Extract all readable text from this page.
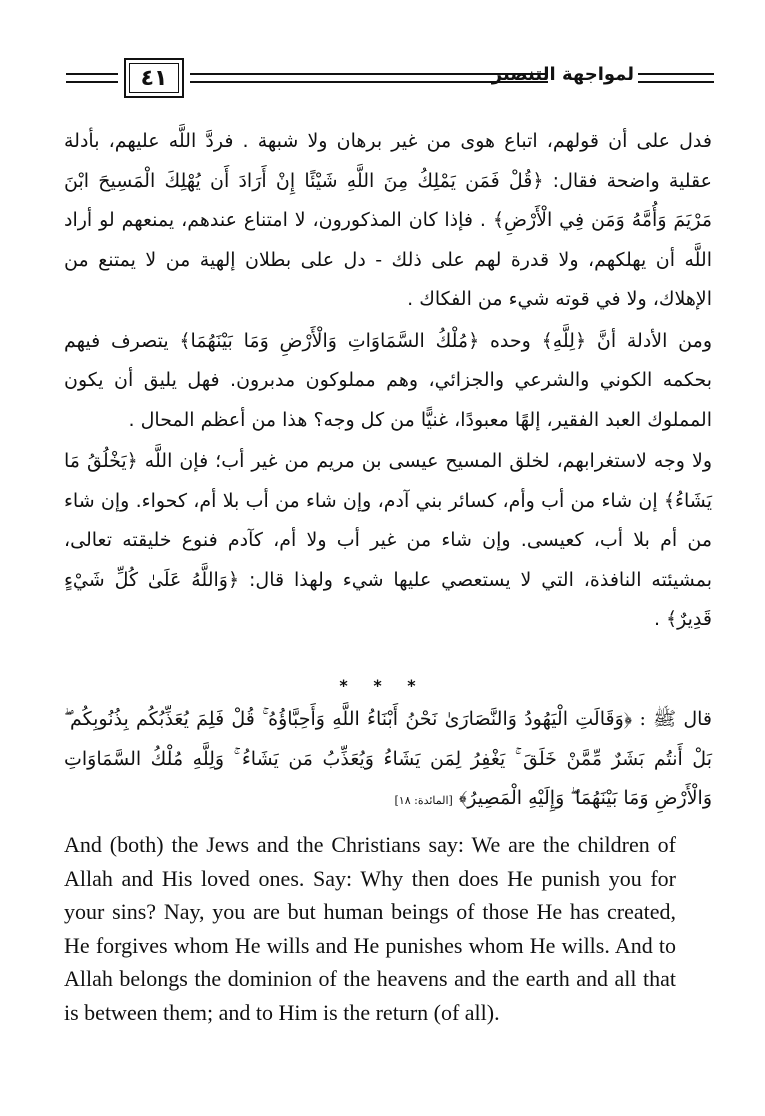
٤١	لمواجهة التنصير

فدل على أن قولهم، اتباع هوى من غير برهان ولا شبهة . فردَّ اللَّه عليهم، بأدلة عقلية واضحة فقال: ﴿قُلْ فَمَن يَمْلِكُ مِنَ اللَّهِ شَيْئًا إِنْ أَرَادَ أَن يُهْلِكَ الْمَسِيحَ ابْنَ مَرْيَمَ وَأُمَّهُ وَمَن فِي الْأَرْضِ﴾ . فإذا كان المذكورون، لا امتناع عندهم، يمنعهم لو أراد اللَّه أن يهلكهم، ولا قدرة لهم على ذلك - دل على بطلان إلهية من لا يمتنع من الإهلاك، ولا في قوته شيء من الفكاك .

ومن الأدلة أنَّ ﴿لِلَّهِ﴾ وحده ﴿مُلْكُ السَّمَاوَاتِ وَالْأَرْضِ وَمَا بَيْنَهُمَا﴾ يتصرف فيهم بحكمه الكوني والشرعي والجزائي، وهم مملوكون مدبرون. فهل يليق أن يكون المملوك العبد الفقير، إلهًا معبودًا، غنيًّا من كل وجه؟ هذا من أعظم المحال .

ولا وجه لاستغرابهم، لخلق المسيح عيسى بن مريم من غير أب؛ فإن اللَّه ﴿يَخْلُقُ مَا يَشَاءُ﴾ إن شاء من أب وأم، كسائر بني آدم، وإن شاء من أب بلا أم، كحواء. وإن شاء من أم بلا أب، كعيسى. وإن شاء من غير أب ولا أم، كآدم فنوع خليقته تعالى، بمشيئته النافذة، التي لا يستعصي عليها شيء ولهذا قال: ﴿وَاللَّهُ عَلَىٰ كُلِّ شَيْءٍ قَدِيرٌ﴾ .

* * *

قال ﷺ : ﴿وَقَالَتِ الْيَهُودُ وَالنَّصَارَىٰ نَحْنُ أَبْنَاءُ اللَّهِ وَأَحِبَّاؤُهُ ۚ قُلْ فَلِمَ يُعَذِّبُكُم بِذُنُوبِكُم ۖ بَلْ أَنتُم بَشَرٌ مِّمَّنْ خَلَقَ ۚ يَغْفِرُ لِمَن يَشَاءُ وَيُعَذِّبُ مَن يَشَاءُ ۚ وَلِلَّهِ مُلْكُ السَّمَاوَاتِ وَالْأَرْضِ وَمَا بَيْنَهُمَا ۖ وَإِلَيْهِ الْمَصِيرُ﴾ [المائدة: ١٨]

And (both) the Jews and the Christians say: We are the children of
Allah and His loved ones. Say: Why then does He punish you for
your sins? Nay, you are but human beings of those He has created,
He forgives whom He wills and He punishes whom He wills. And to
Allah belongs the dominion of the heavens and the earth and all that
is between them; and to Him is the return (of all).
